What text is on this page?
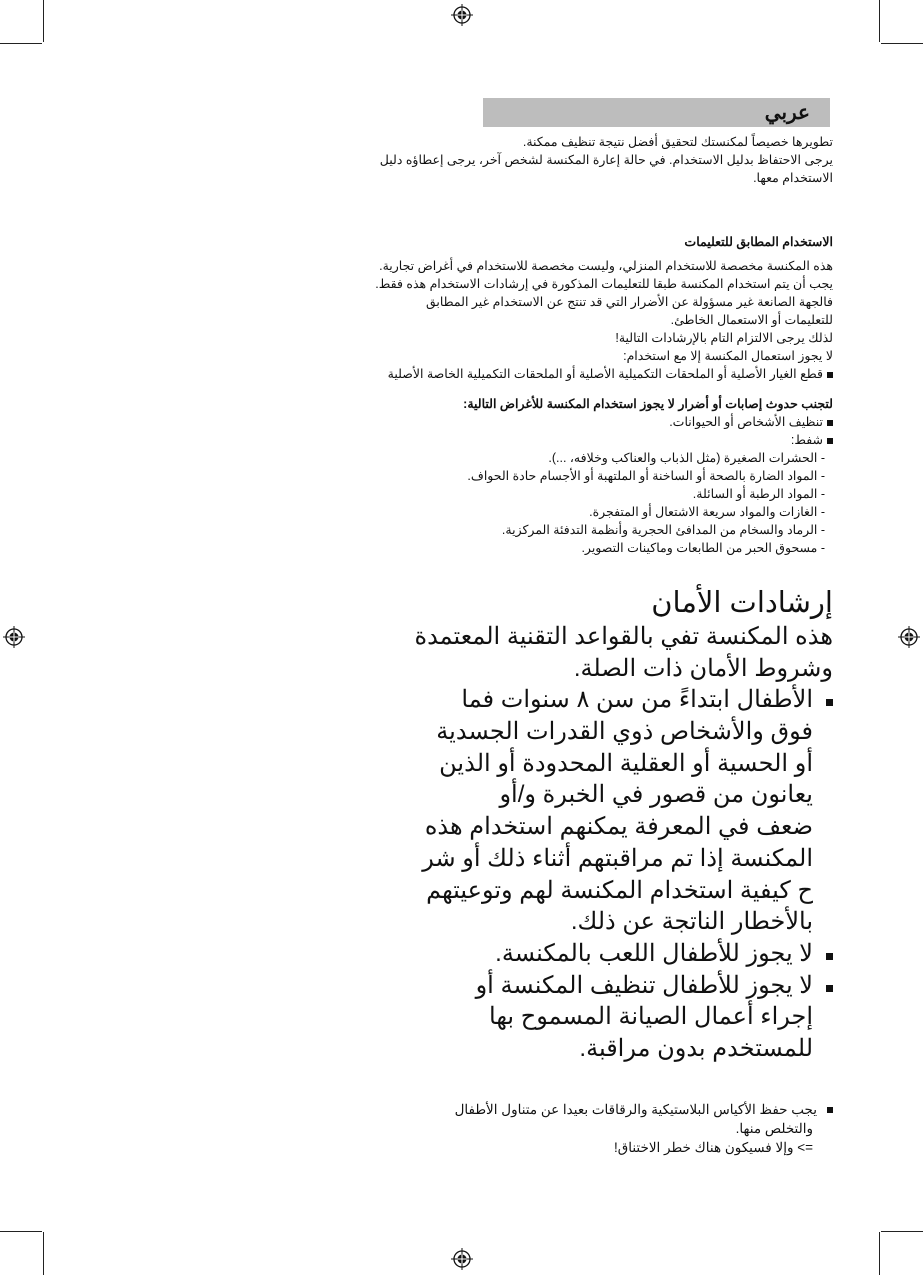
عربي
تطويرها خصيصاً لمكنستك لتحقيق أفضل نتيجة تنظيف ممكنة.
يرجى الاحتفاظ بدليل الاستخدام. في حالة إعارة المكنسة لشخص آخر، يرجى إعطاؤه دليل
الاستخدام معها.
الاستخدام المطابق للتعليمات
هذه المكنسة مخصصة للاستخدام المنزلي، وليست مخصصة للاستخدام في أغراض تجارية.
يجب أن يتم استخدام المكنسة طبقا للتعليمات المذكورة في إرشادات الاستخدام هذه فقط.
فالجهة الصانعة غير مسؤولة عن الأضرار التي قد تنتج عن الاستخدام غير المطابق
للتعليمات أو الاستعمال الخاطئ.
لذلك يرجى الالتزام التام بالإرشادات التالية!
لا يجوز استعمال المكنسة إلا مع استخدام:
قطع الغيار الأصلية أو الملحقات التكميلية الأصلية أو الملحقات التكميلية الخاصة الأصلية
لتجنب حدوث إصابات أو أضرار لا يجوز استخدام المكنسة للأغراض التالية:
تنظيف الأشخاص أو الحيوانات.
شفط:
- الحشرات الصغيرة (مثل الذباب والعناكب وخلافه، ...).
- المواد الضارة بالصحة أو الساخنة أو الملتهبة أو الأجسام حادة الحواف.
- المواد الرطبة أو السائلة.
- الغازات والمواد سريعة الاشتعال أو المتفجرة.
- الرماد والسخام من المدافئ الحجرية وأنظمة التدفئة المركزية.
- مسحوق الحبر من الطابعات وماكينات التصوير.
إرشادات الأمان
هذه المكنسة تفي بالقواعد التقنية المعتمدة
وشروط الأمان ذات الصلة.
الأطفال ابتداءً من سن ٨ سنوات فما
فوق والأشخاص ذوي القدرات الجسدية
أو الحسية أو العقلية المحدودة أو الذين
يعانون من قصور في الخبرة و/أو
ضعف في المعرفة يمكنهم استخدام هذه
المكنسة إذا تم مراقبتهم أثناء ذلك أو شر
ح كيفية استخدام المكنسة لهم وتوعيتهم
بالأخطار الناتجة عن ذلك.
لا يجوز للأطفال اللعب بالمكنسة.
لا يجوز للأطفال تنظيف المكنسة أو
إجراء أعمال الصيانة المسموح بها
للمستخدم بدون مراقبة.
يجب حفظ الأكياس البلاستيكية والرقاقات بعيدا عن متناول الأطفال
والتخلص منها.
=> وإلا فسيكون هناك خطر الاختناق!
